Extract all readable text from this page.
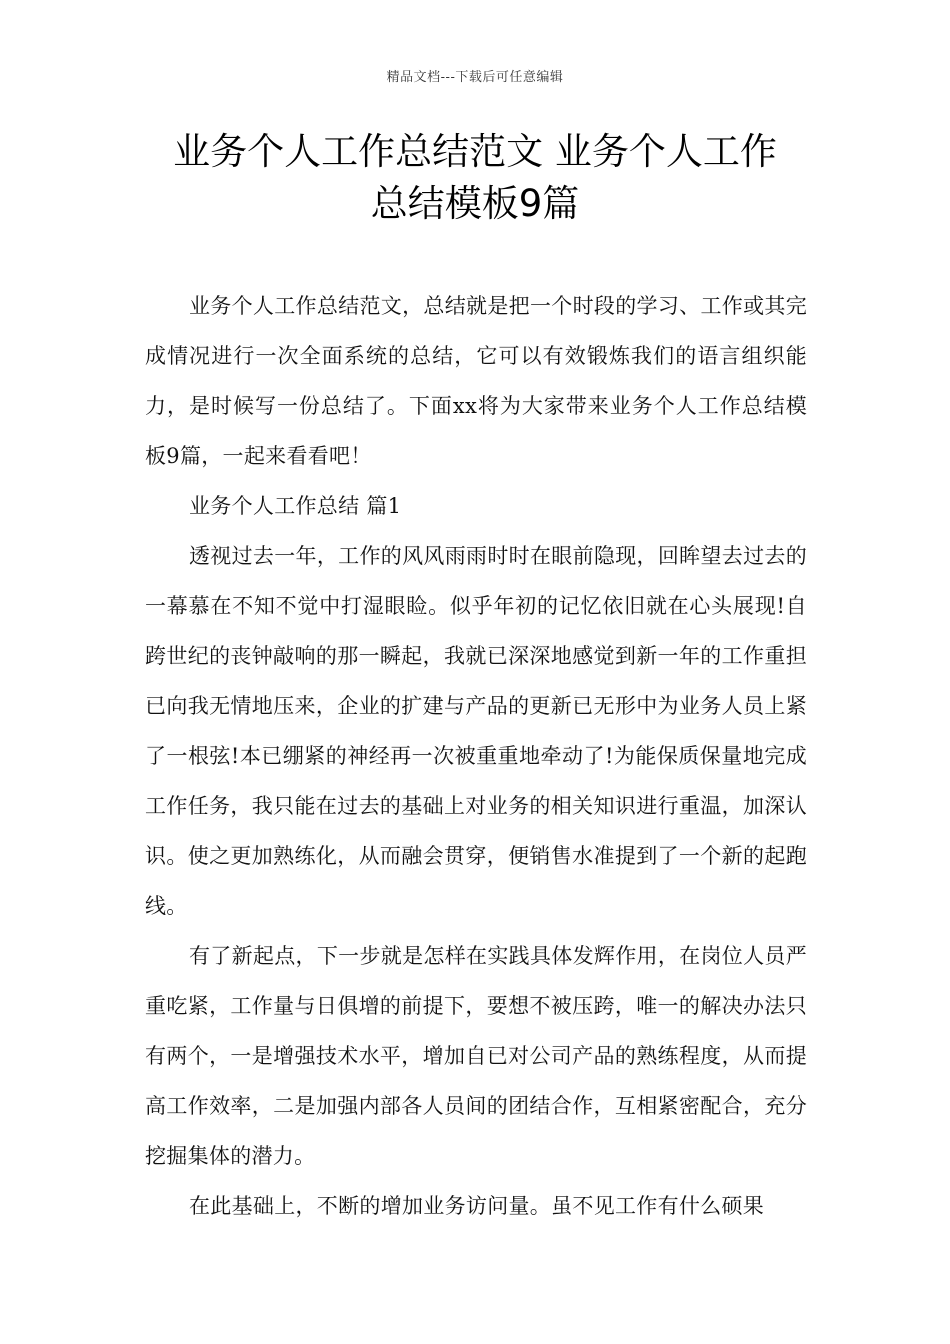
精品文档---下载后可任意编辑
业务个人工作总结范文 业务个人工作
总结模板9篇

业务个人工作总结范文，总结就是把一个时段的学习、工作或其完成情况进行一次全面系统的总结，它可以有效锻炼我们的语言组织能力，是时候写一份总结了。下面xx将为大家带来业务个人工作总结模板9篇，一起来看看吧！

业务个人工作总结 篇1

透视过去一年，工作的风风雨雨时时在眼前隐现，回眸望去过去的一幕慕在不知不觉中打湿眼睑。似乎年初的记忆依旧就在心头展现!自跨世纪的丧钟敲响的那一瞬起，我就已深深地感觉到新一年的工作重担已向我无情地压来，企业的扩建与产品的更新已无形中为业务人员上紧了一根弦!本已绷紧的神经再一次被重重地牵动了!为能保质保量地完成工作任务，我只能在过去的基础上对业务的相关知识进行重温，加深认识。使之更加熟练化，从而融会贯穿，便销售水准提到了一个新的起跑线。

有了新起点，下一步就是怎样在实践具体发辉作用，在岗位人员严重吃紧，工作量与日俱增的前提下，要想不被压跨，唯一的解决办法只有两个，一是增强技术水平，增加自已对公司产品的熟练程度，从而提高工作效率，二是加强内部各人员间的团结合作，互相紧密配合，充分挖掘集体的潜力。

在此基础上，不断的增加业务访问量。虽不见工作有什么硕果
